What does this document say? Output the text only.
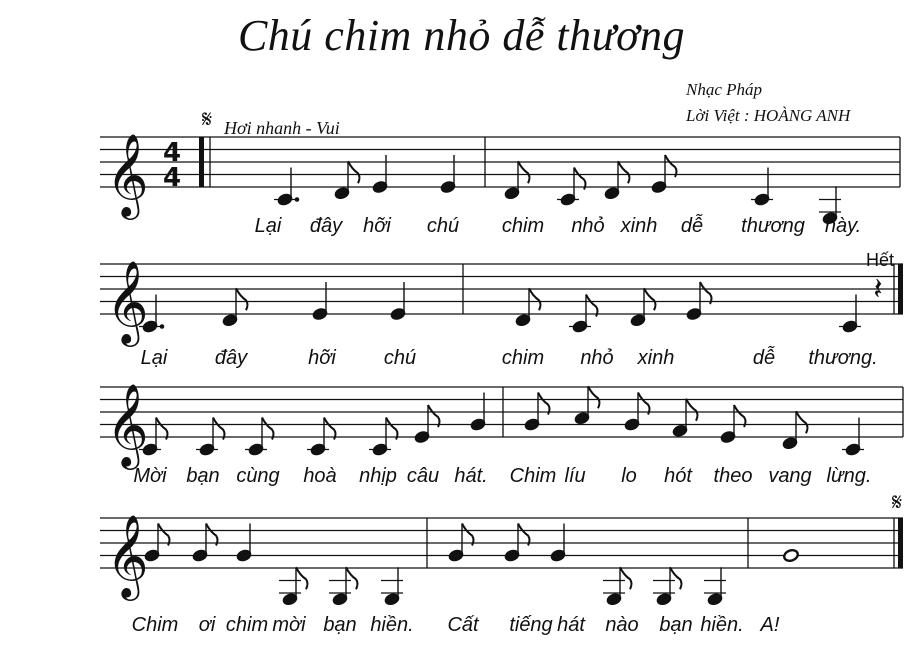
Chú chim nhỏ dễ thương
Nhạc Pháp
Lời Việt : HOÀNG ANH
Hơi nhanh - Vui
Hết
𝄞 4
4
𝄋
𝄞	𝄽
𝄞
𝄞
𝄋
Lại đây hỡi chú chim nhỏ xinh dễ thương này.
Lại đây	hỡi chú	chim nhỏ xinh	dễ thương.
Mời bạn cùng hoà nhịp câu hát. Chim líu lo hót theo vang lừng.
Chim ơi chim mời bạn hiền. Cất tiếng hát nào bạn hiền. A!
